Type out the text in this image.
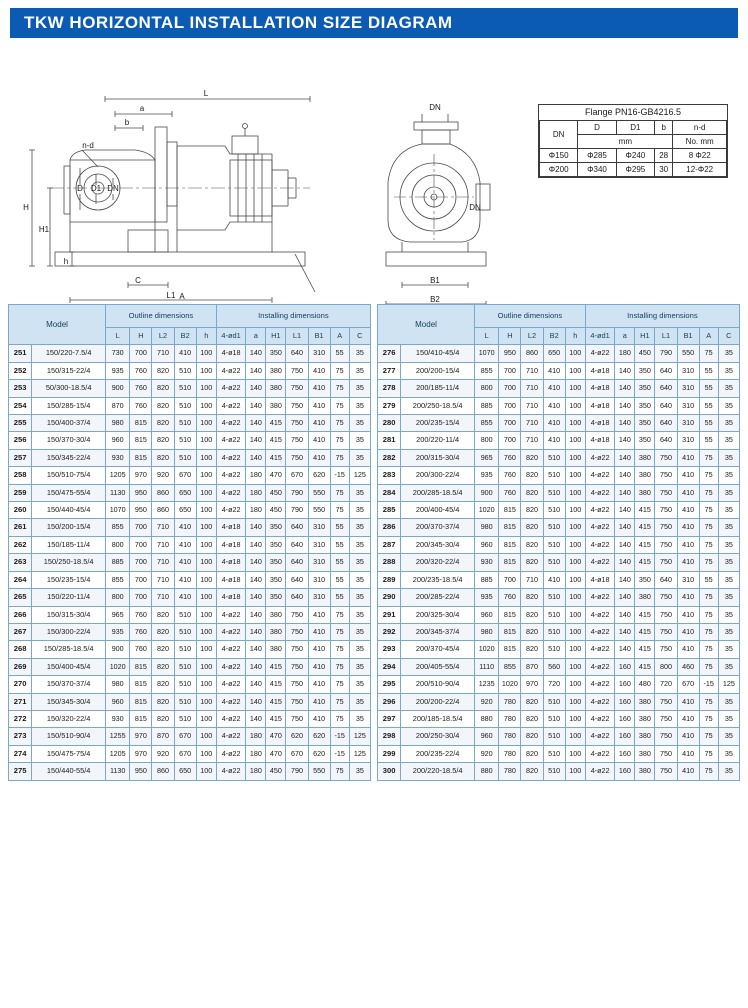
TKW HORIZONTAL INSTALLATION SIZE DIAGRAM
L
a
b
n-d
D D1 DN
H
H1
h
C
A
L1
DN
DN
B1
B2
Flange PN16-GB4216.5				
DN	D	D1	b	n-d
	mm			No. mm
Φ150	Φ285	Φ240	28	8 Φ22
Φ200	Φ340	Φ295	30	12-Φ22
Model		Outline dimensions					Installing dimensions						
		L	H	L2	B2	h	4-ød1	a	H1	L1	B1	A	C
251	150/220-7.5/4	730	700	710	410	100	4-ø18	140	350	640	310	55	35
252	150/315-22/4	935	760	820	510	100	4-ø22	140	380	750	410	75	35
253	50/300-18.5/4	900	760	820	510	100	4-ø22	140	380	750	410	75	35
254	150/285-15/4	870	760	820	510	100	4-ø22	140	380	750	410	75	35
255	150/400-37/4	980	815	820	510	100	4-ø22	140	415	750	410	75	35
256	150/370-30/4	960	815	820	510	100	4-ø22	140	415	750	410	75	35
257	150/345-22/4	930	815	820	510	100	4-ø22	140	415	750	410	75	35
258	150/510-75/4	1205	970	920	670	100	4-ø22	180	470	670	620	-15	125
259	150/475-55/4	1130	950	860	650	100	4-ø22	180	450	790	550	75	35
260	150/440-45/4	1070	950	860	650	100	4-ø22	180	450	790	550	75	35
261	150/200-15/4	855	700	710	410	100	4-ø18	140	350	640	310	55	35
262	150/185-11/4	800	700	710	410	100	4-ø18	140	350	640	310	55	35
263	150/250-18.5/4	885	700	710	410	100	4-ø18	140	350	640	310	55	35
264	150/235-15/4	855	700	710	410	100	4-ø18	140	350	640	310	55	35
265	150/220-11/4	800	700	710	410	100	4-ø18	140	350	640	310	55	35
266	150/315-30/4	965	760	820	510	100	4-ø22	140	380	750	410	75	35
267	150/300-22/4	935	760	820	510	100	4-ø22	140	380	750	410	75	35
268	150/285-18.5/4	900	760	820	510	100	4-ø22	140	380	750	410	75	35
269	150/400-45/4	1020	815	820	510	100	4-ø22	140	415	750	410	75	35
270	150/370-37/4	980	815	820	510	100	4-ø22	140	415	750	410	75	35
271	150/345-30/4	960	815	820	510	100	4-ø22	140	415	750	410	75	35
272	150/320-22/4	930	815	820	510	100	4-ø22	140	415	750	410	75	35
273	150/510-90/4	1255	970	870	670	100	4-ø22	180	470	620	620	-15	125
274	150/475-75/4	1205	970	920	670	100	4-ø22	180	470	670	620	-15	125
275	150/440-55/4	1130	950	860	650	100	4-ø22	180	450	790	550	75	35
Model		Outline dimensions					Installing dimensions						
		L	H	L2	B2	h	4-ød1	a	H1	L1	B1	A	C
276	150/410-45/4	1070	950	860	650	100	4-ø22	180	450	790	550	75	35
277	200/200-15/4	855	700	710	410	100	4-ø18	140	350	640	310	55	35
278	200/185-11/4	800	700	710	410	100	4-ø18	140	350	640	310	55	35
279	200/250-18.5/4	885	700	710	410	100	4-ø18	140	350	640	310	55	35
280	200/235-15/4	855	700	710	410	100	4-ø18	140	350	640	310	55	35
281	200/220-11/4	800	700	710	410	100	4-ø18	140	350	640	310	55	35
282	200/315-30/4	965	760	820	510	100	4-ø22	140	380	750	410	75	35
283	200/300-22/4	935	760	820	510	100	4-ø22	140	380	750	410	75	35
284	200/285-18.5/4	900	760	820	510	100	4-ø22	140	380	750	410	75	35
285	200/400-45/4	1020	815	820	510	100	4-ø22	140	415	750	410	75	35
286	200/370-37/4	980	815	820	510	100	4-ø22	140	415	750	410	75	35
287	200/345-30/4	960	815	820	510	100	4-ø22	140	415	750	410	75	35
288	200/320-22/4	930	815	820	510	100	4-ø22	140	415	750	410	75	35
289	200/235-18.5/4	885	700	710	410	100	4-ø18	140	350	640	310	55	35
290	200/285-22/4	935	760	820	510	100	4-ø22	140	380	750	410	75	35
291	200/325-30/4	960	815	820	510	100	4-ø22	140	415	750	410	75	35
292	200/345-37/4	980	815	820	510	100	4-ø22	140	415	750	410	75	35
293	200/370-45/4	1020	815	820	510	100	4-ø22	140	415	750	410	75	35
294	200/405-55/4	1110	855	870	560	100	4-ø22	160	415	800	460	75	35
295	200/510-90/4	1235	1020	970	720	100	4-ø22	160	480	720	670	-15	125
296	200/200-22/4	920	780	820	510	100	4-ø22	160	380	750	410	75	35
297	200/185-18.5/4	880	780	820	510	100	4-ø22	160	380	750	410	75	35
298	200/250-30/4	960	780	820	510	100	4-ø22	160	380	750	410	75	35
299	200/235-22/4	920	780	820	510	100	4-ø22	160	380	750	410	75	35
300	200/220-18.5/4	880	780	820	510	100	4-ø22	160	380	750	410	75	35
